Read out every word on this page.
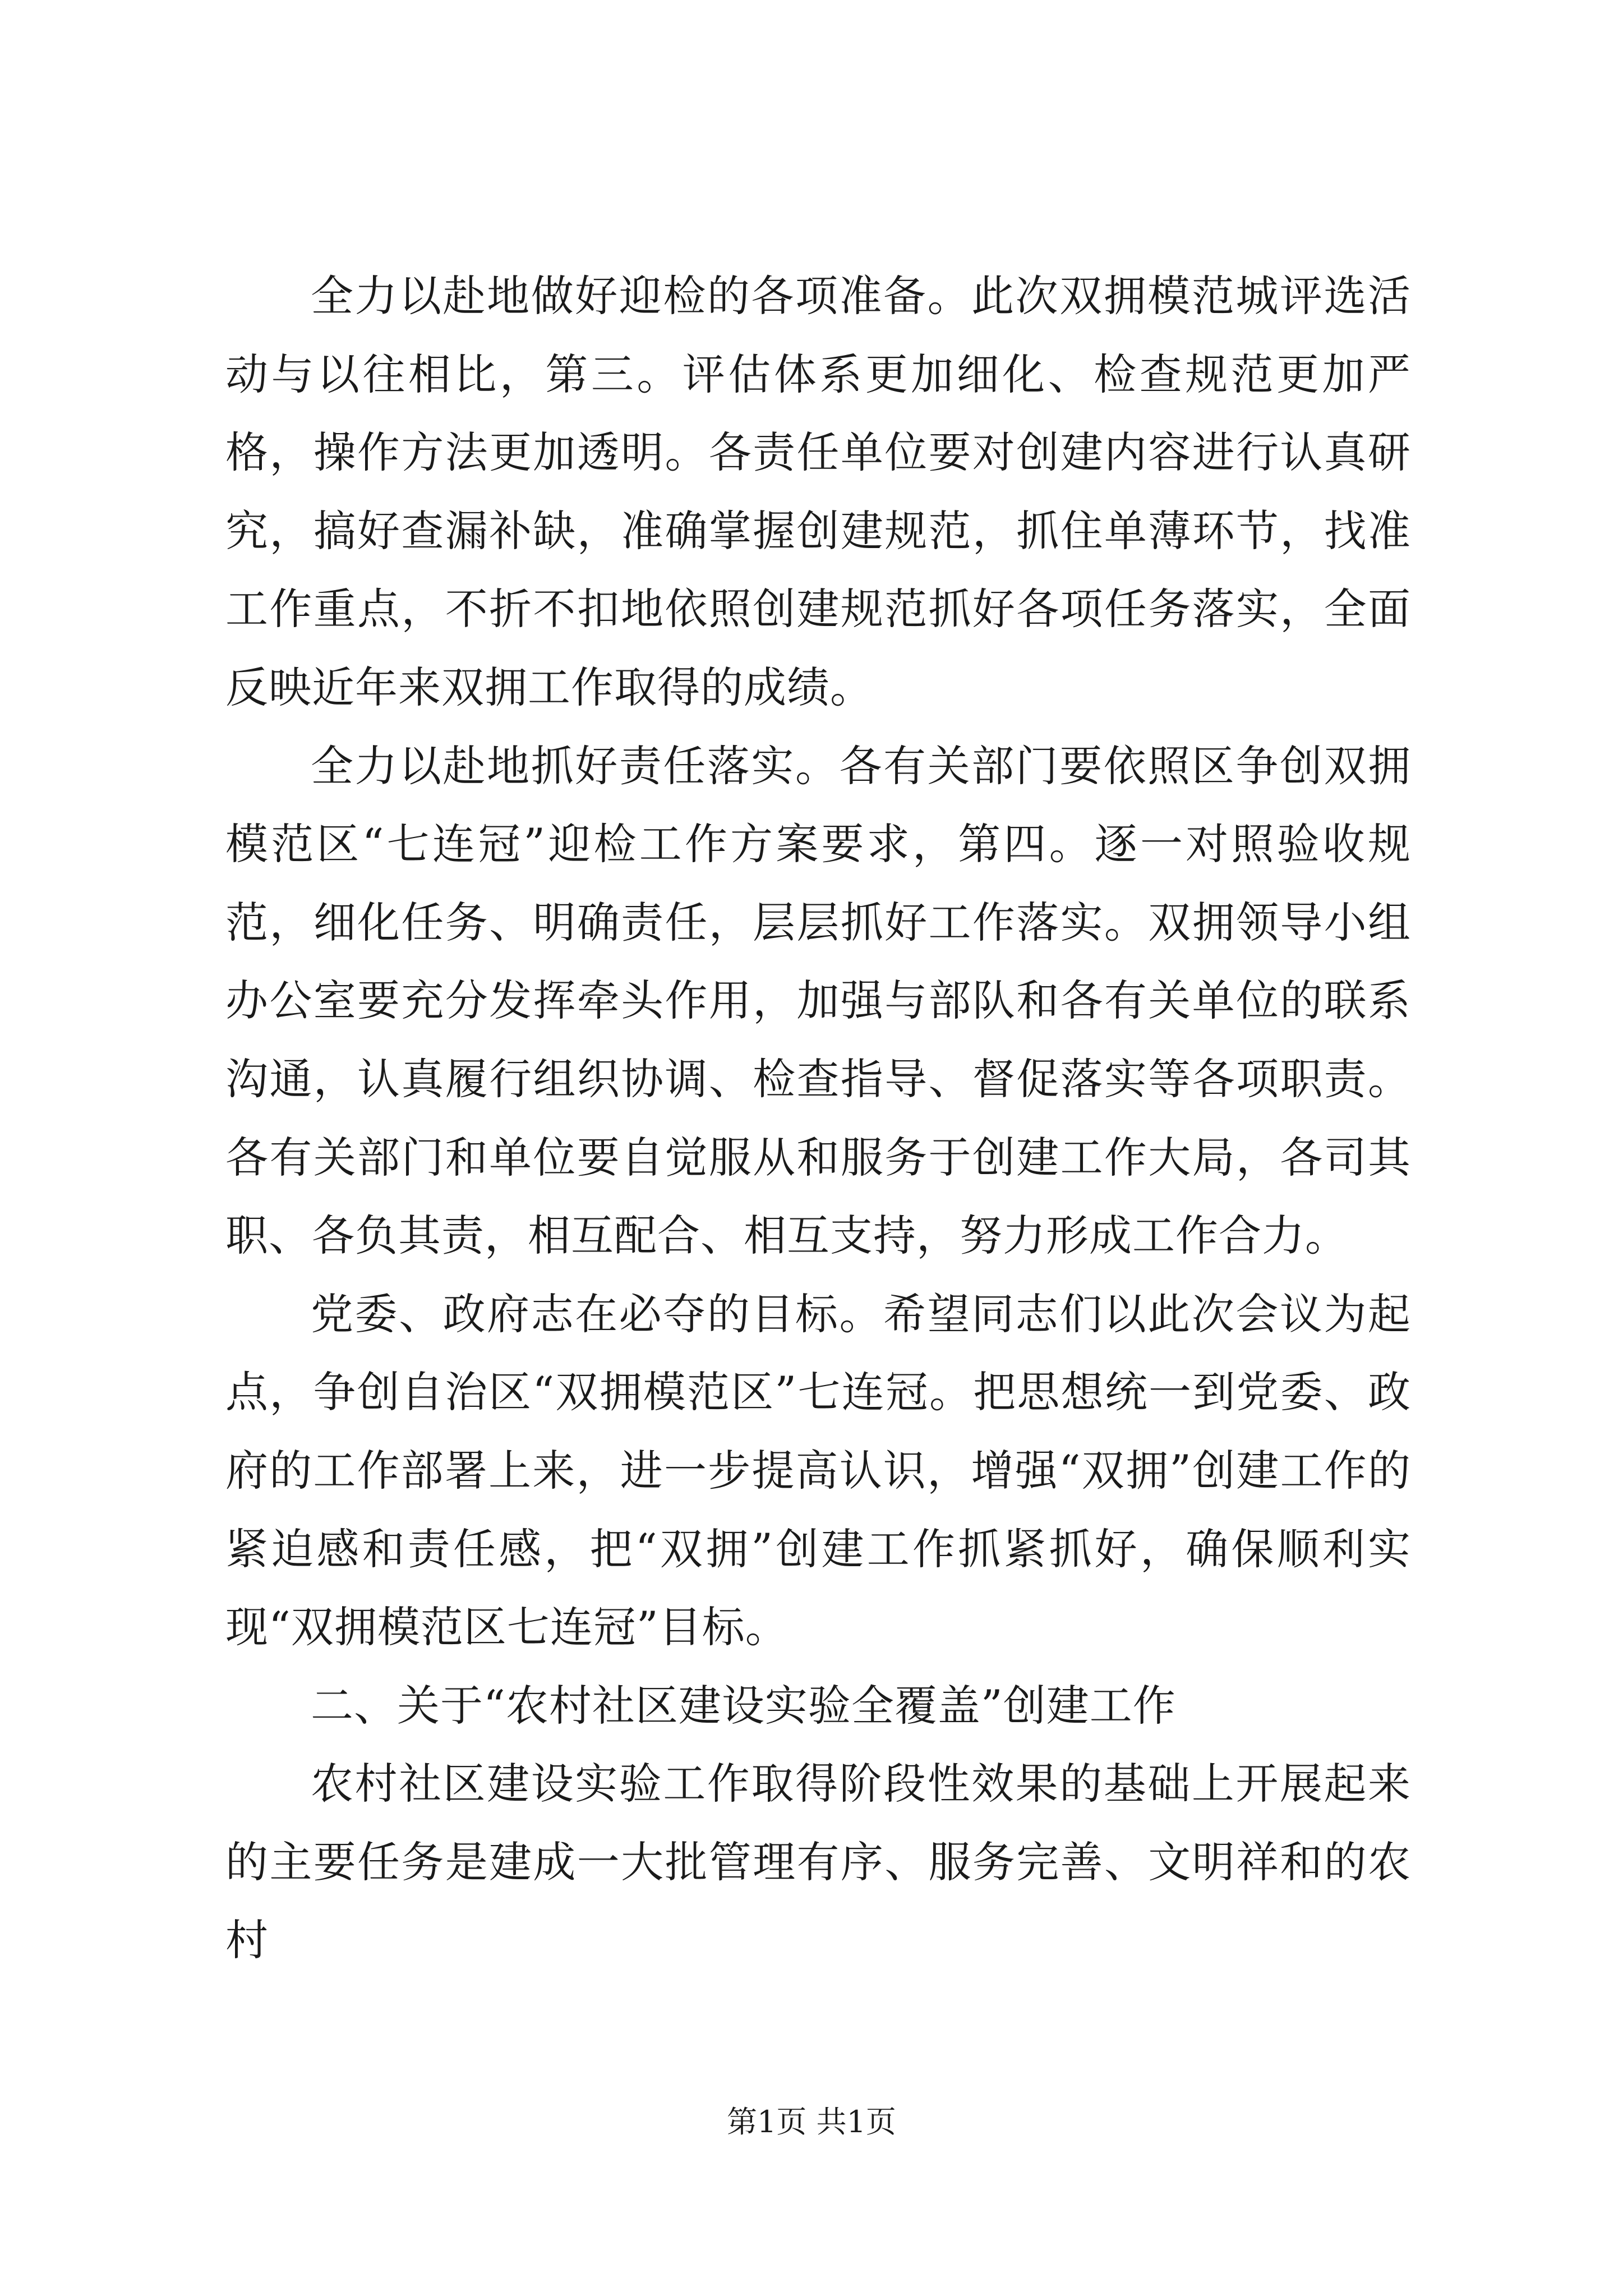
全力以赴地做好迎检的各项准备。此次双拥模范城评选活动与以往相比，第三。评估体系更加细化、检查规范更加严格，操作方法更加透明。各责任单位要对创建内容进行认真研究，搞好查漏补缺，准确掌握创建规范，抓住单薄环节，找准工作重点，不折不扣地依照创建规范抓好各项任务落实，全面反映近年来双拥工作取得的成绩。

全力以赴地抓好责任落实。各有关部门要依照区争创双拥模范区“七连冠”迎检工作方案要求，第四。逐一对照验收规范，细化任务、明确责任，层层抓好工作落实。双拥领导小组办公室要充分发挥牵头作用，加强与部队和各有关单位的联系沟通，认真履行组织协调、检查指导、督促落实等各项职责。各有关部门和单位要自觉服从和服务于创建工作大局，各司其职、各负其责，相互配合、相互支持，努力形成工作合力。

党委、政府志在必夺的目标。希望同志们以此次会议为起点，争创自治区“双拥模范区”七连冠。把思想统一到党委、政府的工作部署上来，进一步提高认识，增强“双拥”创建工作的紧迫感和责任感，把“双拥”创建工作抓紧抓好，确保顺利实现“双拥模范区七连冠”目标。

二、关于“农村社区建设实验全覆盖”创建工作

农村社区建设实验工作取得阶段性效果的基础上开展起来的主要任务是建成一大批管理有序、服务完善、文明祥和的农村

第1页 共1页
